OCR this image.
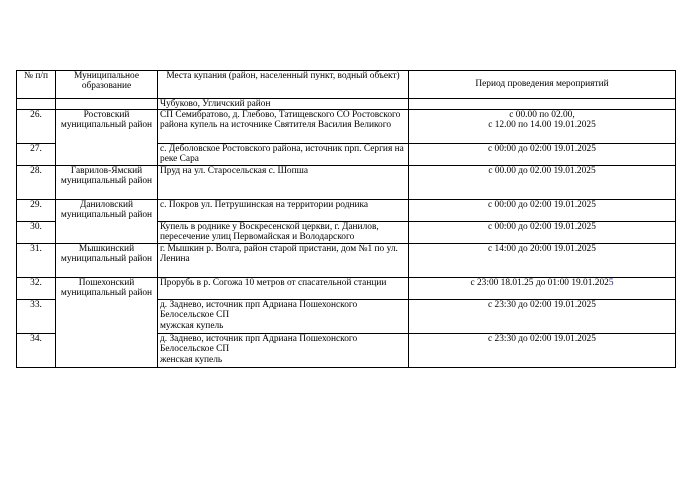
№ п/п	Муниципальное образование	Места купания (район, населенный пункт, водный объект)	Период проведения мероприятий
		Чубуково, Угличский район	
26.	Ростовский муниципальный район	СП Семибратово, д. Глебово, Татищевского СО Ростовского района купель на источнике Святителя Василия Великого	с 00.00 по 02.00,
с 12.00 по 14.00 19.01.2025

27.		с. Деболовское Ростовского района, источник прп. Сергия на реке Сара	с 00:00 до 02:00 19.01.2025
28.	Гаврилов-Ямский муниципальный район	Пруд на ул. Старосельская с. Шопша	с 00.00 до 02.00 19.01.2025
29.	Даниловский муниципальный район	с. Покров ул. Петрушинская на территории родника	с 00:00 до 02:00 19.01.2025
30.		Купель в роднике у Воскресенской церкви, г. Данилов, пересечение улиц Первомайская и Володарского	с 00:00 до 02:00 19.01.2025
31.	Мышкинский муниципальный район	г. Мышкин р. Волга, район старой пристани, дом №1 по ул. Ленина	с 14:00 до 20:00 19.01.2025
32.	Пошехонский муниципальный район	Прорубь в р. Согожа 10 метров от спасательной станции	с 23:00 18.01.25 до 01:00 19.01.2025
33.		д. Заднево, источник прп Адриана Пошехонского Белосельское СП
мужская купель	с 23:30 до 02:00 19.01.2025
34.		д. Заднево, источник прп Адриана Пошехонского Белосельское СП
женская купель	с 23:30 до 02:00 19.01.2025
